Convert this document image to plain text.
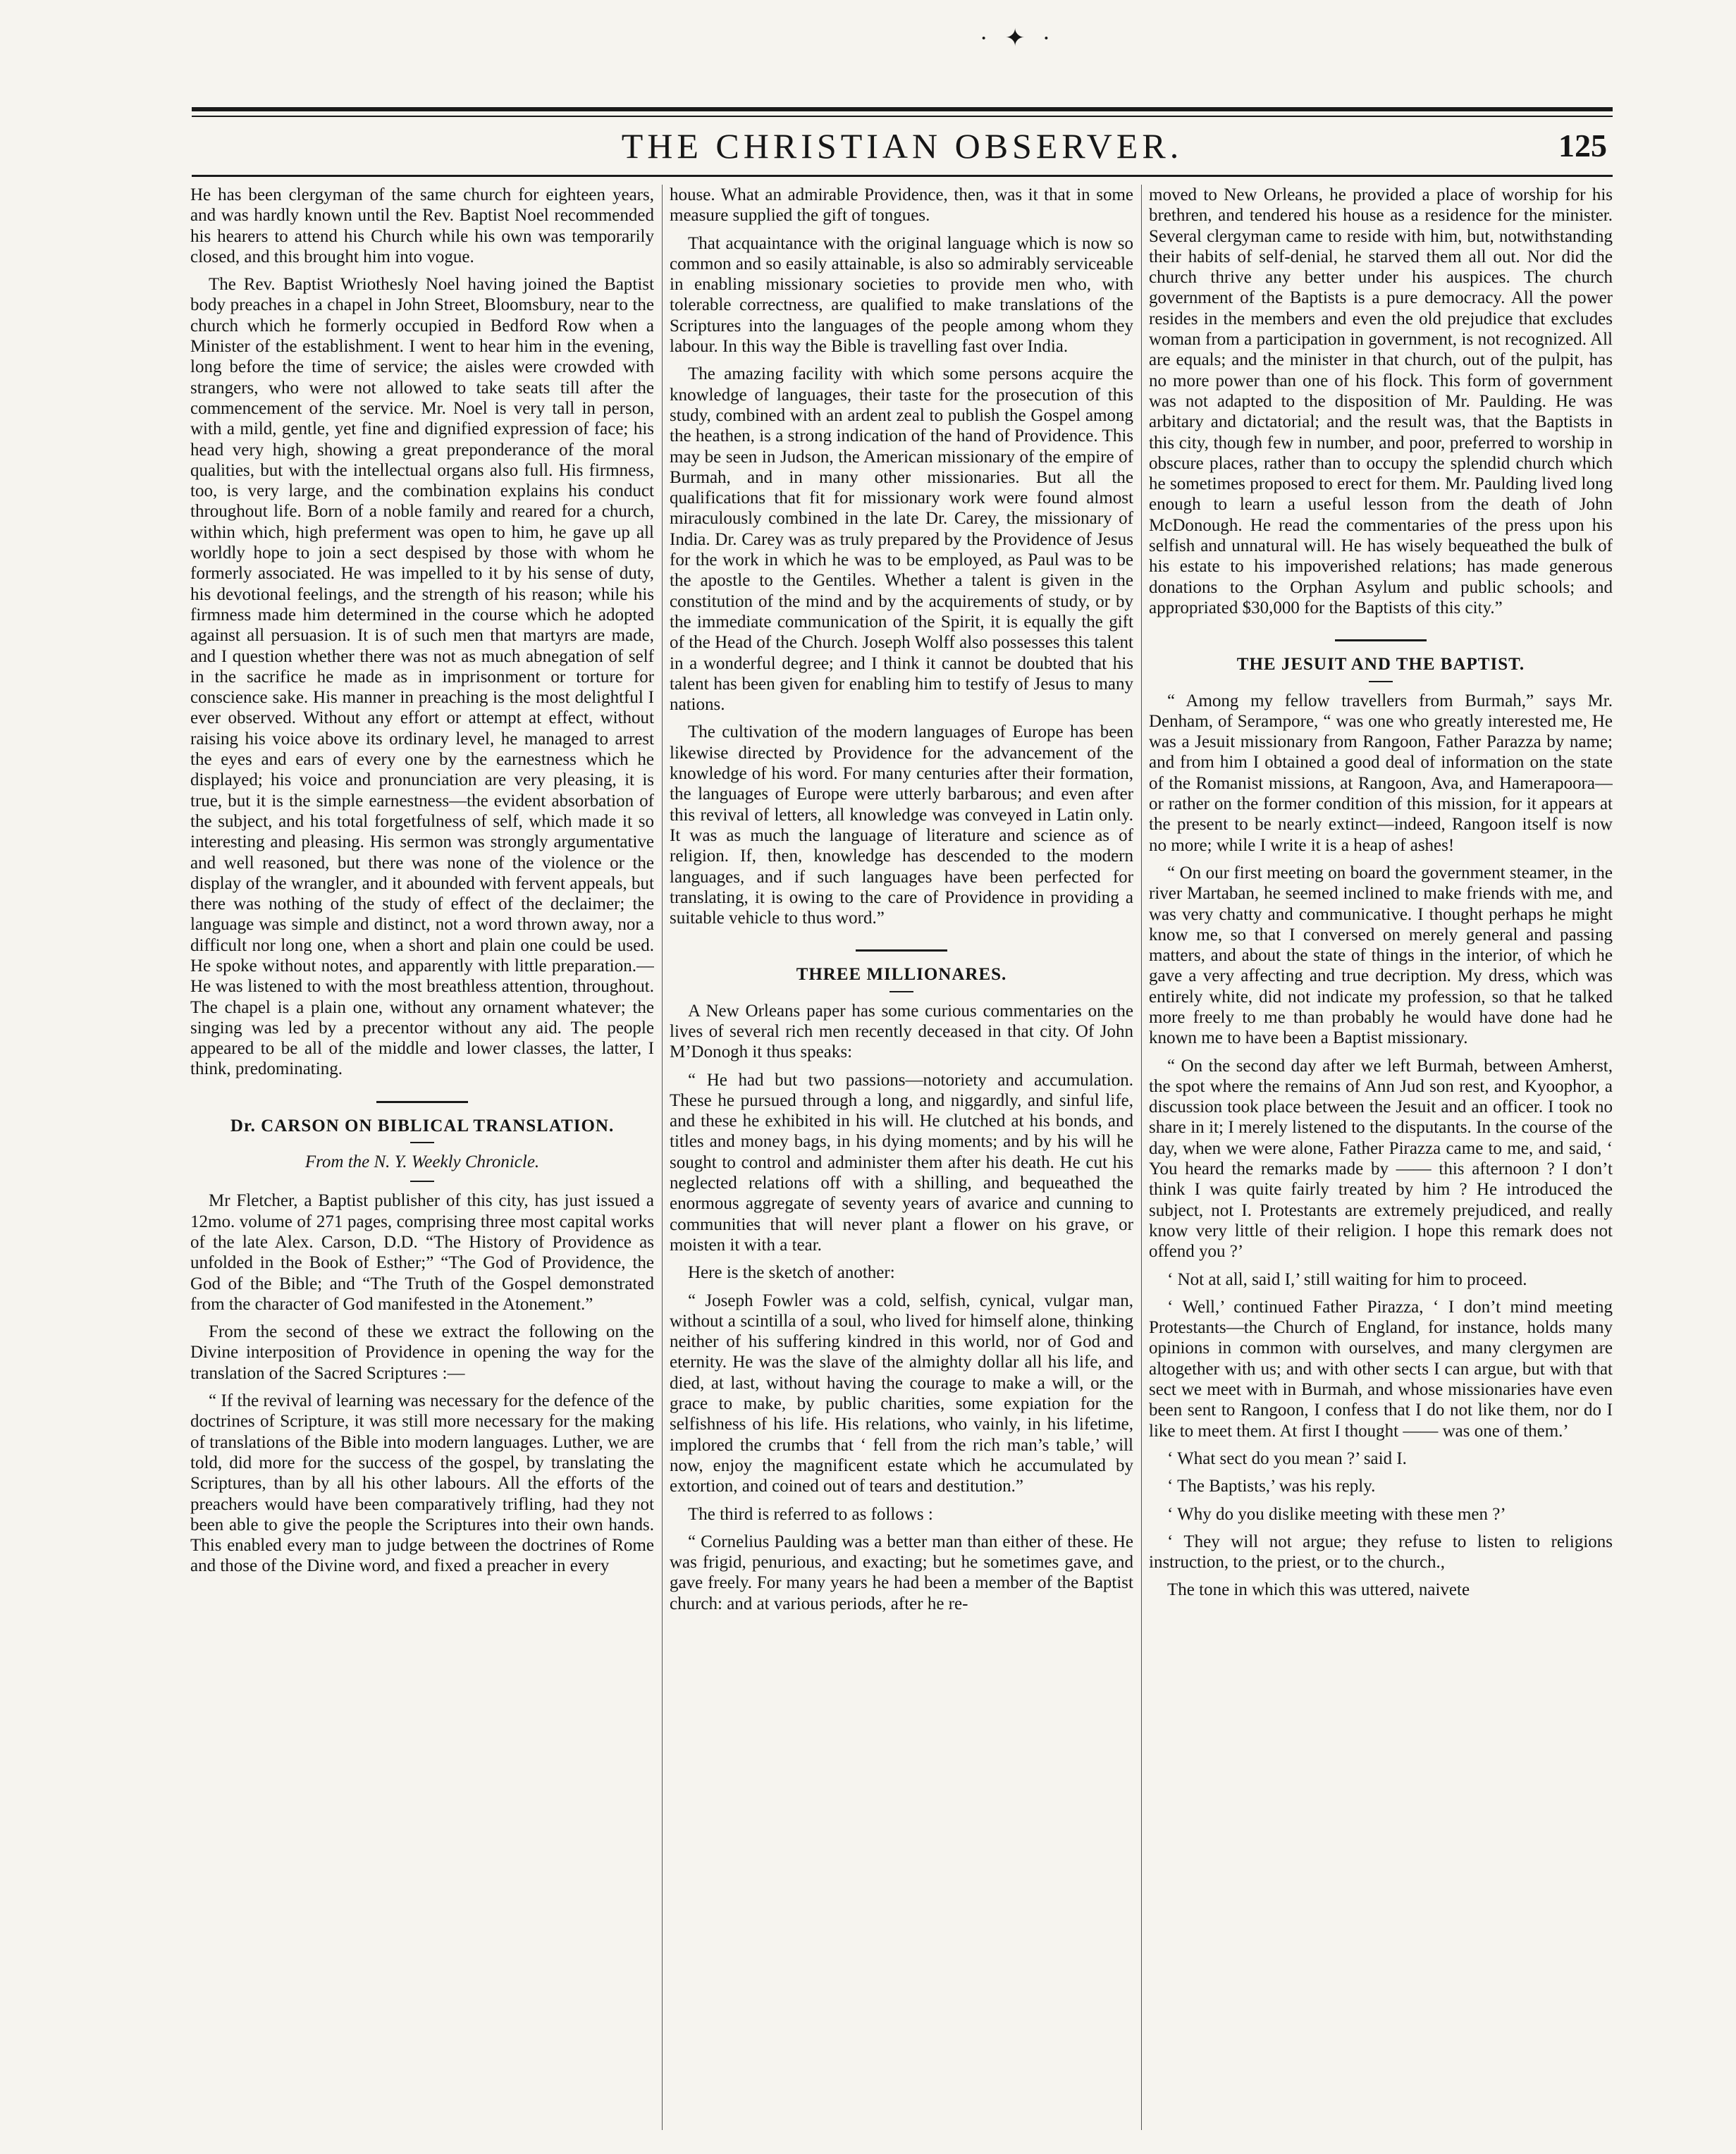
· ✦ ·
THE CHRISTIAN OBSERVER.	125

He has been clergyman of the same church for eighteen years, and was hardly known until the Rev. Baptist Noel recommended his hearers to attend his Church while his own was temporarily closed, and this brought him into vogue.

The Rev. Baptist Wriothesly Noel having joined the Baptist body preaches in a chapel in John Street, Bloomsbury, near to the church which he formerly occupied in Bedford Row when a Minister of the establishment. I went to hear him in the evening, long before the time of service; the aisles were crowded with strangers, who were not allowed to take seats till after the commencement of the service. Mr. Noel is very tall in person, with a mild, gentle, yet fine and dignified expression of face; his head very high, showing a great preponderance of the moral qualities, but with the intellectual organs also full. His firmness, too, is very large, and the combination explains his conduct throughout life. Born of a noble family and reared for a church, within which, high preferment was open to him, he gave up all worldly hope to join a sect despised by those with whom he formerly associated. He was impelled to it by his sense of duty, his devotional feelings, and the strength of his reason; while his firmness made him determined in the course which he adopted against all persuasion. It is of such men that martyrs are made, and I question whether there was not as much abnegation of self in the sacrifice he made as in imprisonment or torture for conscience sake. His manner in preaching is the most delightful I ever observed. Without any effort or attempt at effect, without raising his voice above its ordinary level, he managed to arrest the eyes and ears of every one by the earnestness which he displayed; his voice and pronunciation are very pleasing, it is true, but it is the simple earnestness—the evident absorbation of the subject, and his total forgetfulness of self, which made it so interesting and pleasing. His sermon was strongly argumentative and well reasoned, but there was none of the violence or the display of the wrangler, and it abounded with fervent appeals, but there was nothing of the study of effect of the declaimer; the language was simple and distinct, not a word thrown away, nor a difficult nor long one, when a short and plain one could be used. He spoke without notes, and apparently with little preparation.—He was listened to with the most breathless attention, throughout. The chapel is a plain one, without any ornament whatever; the singing was led by a precentor without any aid. The people appeared to be all of the middle and lower classes, the latter, I think, predominating.

Dr. CARSON ON BIBLICAL TRANSLATION.
From the N. Y. Weekly Chronicle.

Mr Fletcher, a Baptist publisher of this city, has just issued a 12mo. volume of 271 pages, comprising three most capital works of the late Alex. Carson, D.D. “The History of Providence as unfolded in the Book of Esther;” “The God of Providence, the God of the Bible; and “The Truth of the Gospel demonstrated from the character of God manifested in the Atonement.”

From the second of these we extract the following on the Divine interposition of Providence in opening the way for the translation of the Sacred Scriptures :—

“ If the revival of learning was necessary for the defence of the doctrines of Scripture, it was still more necessary for the making of translations of the Bible into modern languages. Luther, we are told, did more for the success of the gospel, by translating the Scriptures, than by all his other labours. All the efforts of the preachers would have been comparatively trifling, had they not been able to give the people the Scriptures into their own hands. This enabled every man to judge between the doctrines of Rome and those of the Divine word, and fixed a preacher in every

house. What an admirable Providence, then, was it that in some measure supplied the gift of tongues.

That acquaintance with the original language which is now so common and so easily attainable, is also so admirably serviceable in enabling missionary societies to provide men who, with tolerable correctness, are qualified to make translations of the Scriptures into the languages of the people among whom they labour. In this way the Bible is travelling fast over India.

The amazing facility with which some persons acquire the knowledge of languages, their taste for the prosecution of this study, combined with an ardent zeal to publish the Gospel among the heathen, is a strong indication of the hand of Providence. This may be seen in Judson, the American missionary of the empire of Burmah, and in many other missionaries. But all the qualifications that fit for missionary work were found almost miraculously combined in the late Dr. Carey, the missionary of India. Dr. Carey was as truly prepared by the Providence of Jesus for the work in which he was to be employed, as Paul was to be the apostle to the Gentiles. Whether a talent is given in the constitution of the mind and by the acquirements of study, or by the immediate communication of the Spirit, it is equally the gift of the Head of the Church. Joseph Wolff also possesses this talent in a wonderful degree; and I think it cannot be doubted that his talent has been given for enabling him to testify of Jesus to many nations.

The cultivation of the modern languages of Europe has been likewise directed by Providence for the advancement of the knowledge of his word. For many centuries after their formation, the languages of Europe were utterly barbarous; and even after this revival of letters, all knowledge was conveyed in Latin only. It was as much the language of literature and science as of religion. If, then, knowledge has descended to the modern languages, and if such languages have been perfected for translating, it is owing to the care of Providence in providing a suitable vehicle to thus word.”

THREE MILLIONARES.

A New Orleans paper has some curious commentaries on the lives of several rich men recently deceased in that city. Of John M’Donogh it thus speaks:

“ He had but two passions—notoriety and accumulation. These he pursued through a long, and niggardly, and sinful life, and these he exhibited in his will. He clutched at his bonds, and titles and money bags, in his dying moments; and by his will he sought to control and administer them after his death. He cut his neglected relations off with a shilling, and bequeathed the enormous aggregate of seventy years of avarice and cunning to communities that will never plant a flower on his grave, or moisten it with a tear.

Here is the sketch of another:

“ Joseph Fowler was a cold, selfish, cynical, vulgar man, without a scintilla of a soul, who lived for himself alone, thinking neither of his suffering kindred in this world, nor of God and eternity. He was the slave of the almighty dollar all his life, and died, at last, without having the courage to make a will, or the grace to make, by public charities, some expiation for the selfishness of his life. His relations, who vainly, in his lifetime, implored the crumbs that ‘ fell from the rich man’s table,’ will now, enjoy the magnificent estate which he accumulated by extortion, and coined out of tears and destitution.”

The third is referred to as follows :

“ Cornelius Paulding was a better man than either of these. He was frigid, penurious, and exacting; but he sometimes gave, and gave freely. For many years he had been a member of the Baptist church: and at various periods, after he re-

moved to New Orleans, he provided a place of worship for his brethren, and tendered his house as a residence for the minister. Several clergyman came to reside with him, but, notwithstanding their habits of self-denial, he starved them all out. Nor did the church thrive any better under his auspices. The church government of the Baptists is a pure democracy. All the power resides in the members and even the old prejudice that excludes woman from a participation in government, is not recognized. All are equals; and the minister in that church, out of the pulpit, has no more power than one of his flock. This form of government was not adapted to the disposition of Mr. Paulding. He was arbitary and dictatorial; and the result was, that the Baptists in this city, though few in number, and poor, preferred to worship in obscure places, rather than to occupy the splendid church which he sometimes proposed to erect for them. Mr. Paulding lived long enough to learn a useful lesson from the death of John McDonough. He read the commentaries of the press upon his selfish and unnatural will. He has wisely bequeathed the bulk of his estate to his impoverished relations; has made generous donations to the Orphan Asylum and public schools; and appropriated $30,000 for the Baptists of this city.”

THE JESUIT AND THE BAPTIST.

“ Among my fellow travellers from Burmah,” says Mr. Denham, of Serampore, “ was one who greatly interested me, He was a Jesuit missionary from Rangoon, Father Parazza by name; and from him I obtained a good deal of information on the state of the Romanist missions, at Rangoon, Ava, and Hamerapoora—or rather on the former condition of this mission, for it appears at the present to be nearly extinct—indeed, Rangoon itself is now no more; while I write it is a heap of ashes!

“ On our first meeting on board the government steamer, in the river Martaban, he seemed inclined to make friends with me, and was very chatty and communicative. I thought perhaps he might know me, so that I conversed on merely general and passing matters, and about the state of things in the interior, of which he gave a very affecting and true decription. My dress, which was entirely white, did not indicate my profession, so that he talked more freely to me than probably he would have done had he known me to have been a Baptist missionary.

“ On the second day after we left Burmah, between Amherst, the spot where the remains of Ann Jud son rest, and Kyoophor, a discussion took place between the Jesuit and an officer. I took no share in it; I merely listened to the disputants. In the course of the day, when we were alone, Father Pirazza came to me, and said, ‘ You heard the remarks made by —— this afternoon ? I don’t think I was quite fairly treated by him ? He introduced the subject, not I. Protestants are extremely prejudiced, and really know very little of their religion. I hope this remark does not offend you ?’

‘ Not at all, said I,’ still waiting for him to proceed.

‘ Well,’ continued Father Pirazza, ‘ I don’t mind meeting Protestants—the Church of England, for instance, holds many opinions in common with ourselves, and many clergymen are altogether with us; and with other sects I can argue, but with that sect we meet with in Burmah, and whose missionaries have even been sent to Rangoon, I confess that I do not like them, nor do I like to meet them. At first I thought —— was one of them.’

‘ What sect do you mean ?’ said I.

‘ The Baptists,’ was his reply.

‘ Why do you dislike meeting with these men ?’

‘ They will not argue; they refuse to listen to religions instruction, to the priest, or to the church.,

The tone in which this was uttered, naivete
